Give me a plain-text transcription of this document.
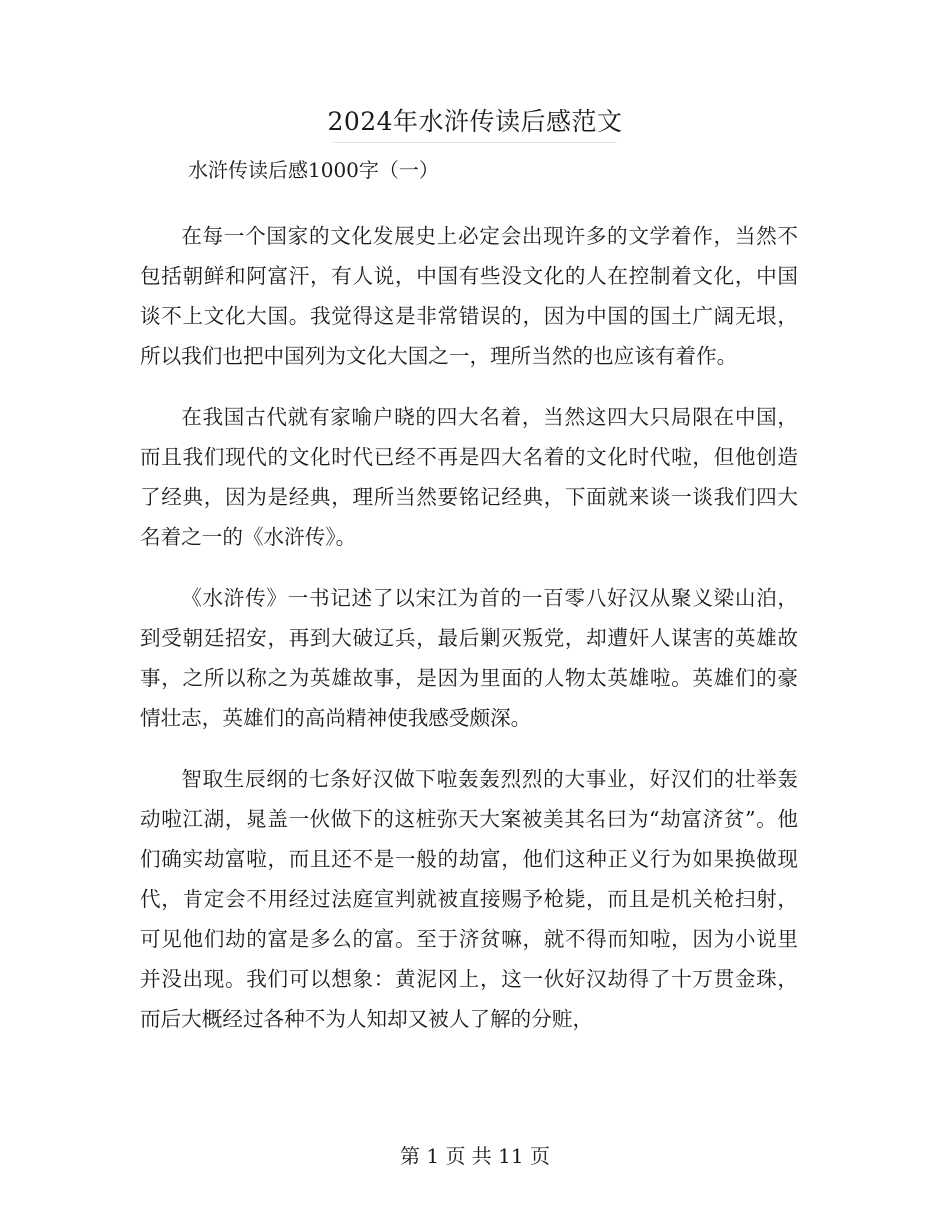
2024年水浒传读后感范文
水浒传读后感1000字（一）

在每一个国家的文化发展史上必定会出现许多的文学着作，当然不包括朝鲜和阿富汗，有人说，中国有些没文化的人在控制着文化，中国谈不上文化大国。我觉得这是非常错误的，因为中国的国土广阔无垠，所以我们也把中国列为文化大国之一，理所当然的也应该有着作。

在我国古代就有家喻户晓的四大名着，当然这四大只局限在中国，而且我们现代的文化时代已经不再是四大名着的文化时代啦，但他创造了经典，因为是经典，理所当然要铭记经典，下面就来谈一谈我们四大名着之一的《水浒传》。

《水浒传》一书记述了以宋江为首的一百零八好汉从聚义梁山泊，到受朝廷招安，再到大破辽兵，最后剿灭叛党，却遭奸人谋害的英雄故事，之所以称之为英雄故事，是因为里面的人物太英雄啦。英雄们的豪情壮志，英雄们的高尚精神使我感受颇深。

智取生辰纲的七条好汉做下啦轰轰烈烈的大事业，好汉们的壮举轰动啦江湖，晁盖一伙做下的这桩弥天大案被美其名曰为“劫富济贫”。他们确实劫富啦，而且还不是一般的劫富，他们这种正义行为如果换做现代，肯定会不用经过法庭宣判就被直接赐予枪毙，而且是机关枪扫射，可见他们劫的富是多么的富。至于济贫嘛，就不得而知啦，因为小说里并没出现。我们可以想象：黄泥冈上，这一伙好汉劫得了十万贯金珠，而后大概经过各种不为人知却又被人了解的分赃，

第 1 页 共 11 页
